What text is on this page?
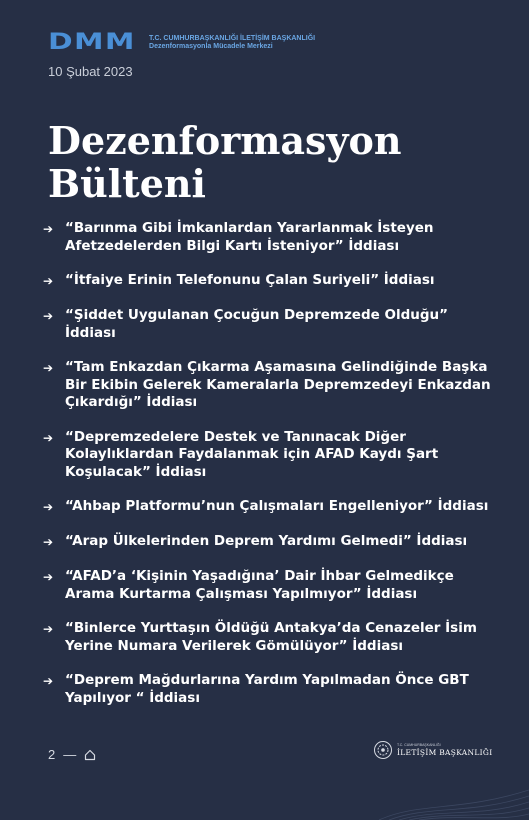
DMM T.C. CUMHURBAŞKANLIĞI İLETİŞİM BAŞKANLIĞI
Dezenformasyonla Mücadele Merkezi
10 Şubat 2023
Dezenformasyon
Bülteni
➔ “Barınma Gibi İmkanlardan Yararlanmak İsteyen Afetzedelerden Bilgi Kartı İsteniyor” İddiası
➔ “İtfaiye Erinin Telefonunu Çalan Suriyeli” İddiası
➔ “Şiddet Uygulanan Çocuğun Depremzede Olduğu” İddiası
➔ “Tam Enkazdan Çıkarma Aşamasına Gelindiğinde Başka Bir Ekibin Gelerek Kameralarla Depremzedeyi Enkazdan Çıkardığı” İddiası
➔ “Depremzedelere Destek ve Tanınacak Diğer Kolaylıklardan Faydalanmak için AFAD Kaydı Şart Koşulacak” İddiası
➔ “Ahbap Platformu’nun Çalışmaları Engelleniyor” İddiası
➔ “Arap Ülkelerinden Deprem Yardımı Gelmedi” İddiası
➔ “AFAD’a ‘Kişinin Yaşadığına’ Dair İhbar Gelmedikçe Arama Kurtarma Çalışması Yapılmıyor” İddiası
➔ “Binlerce Yurttaşın Öldüğü Antakya’da Cenazeler İsim Yerine Numara Verilerek Gömülüyor” İddiası
➔ “Deprem Mağdurlarına Yardım Yapılmadan Önce GBT Yapılıyor “ İddiası
2 —
T.C. CUMHURBAŞKANLIĞI
İLETİŞİM BAŞKANLIĞI
